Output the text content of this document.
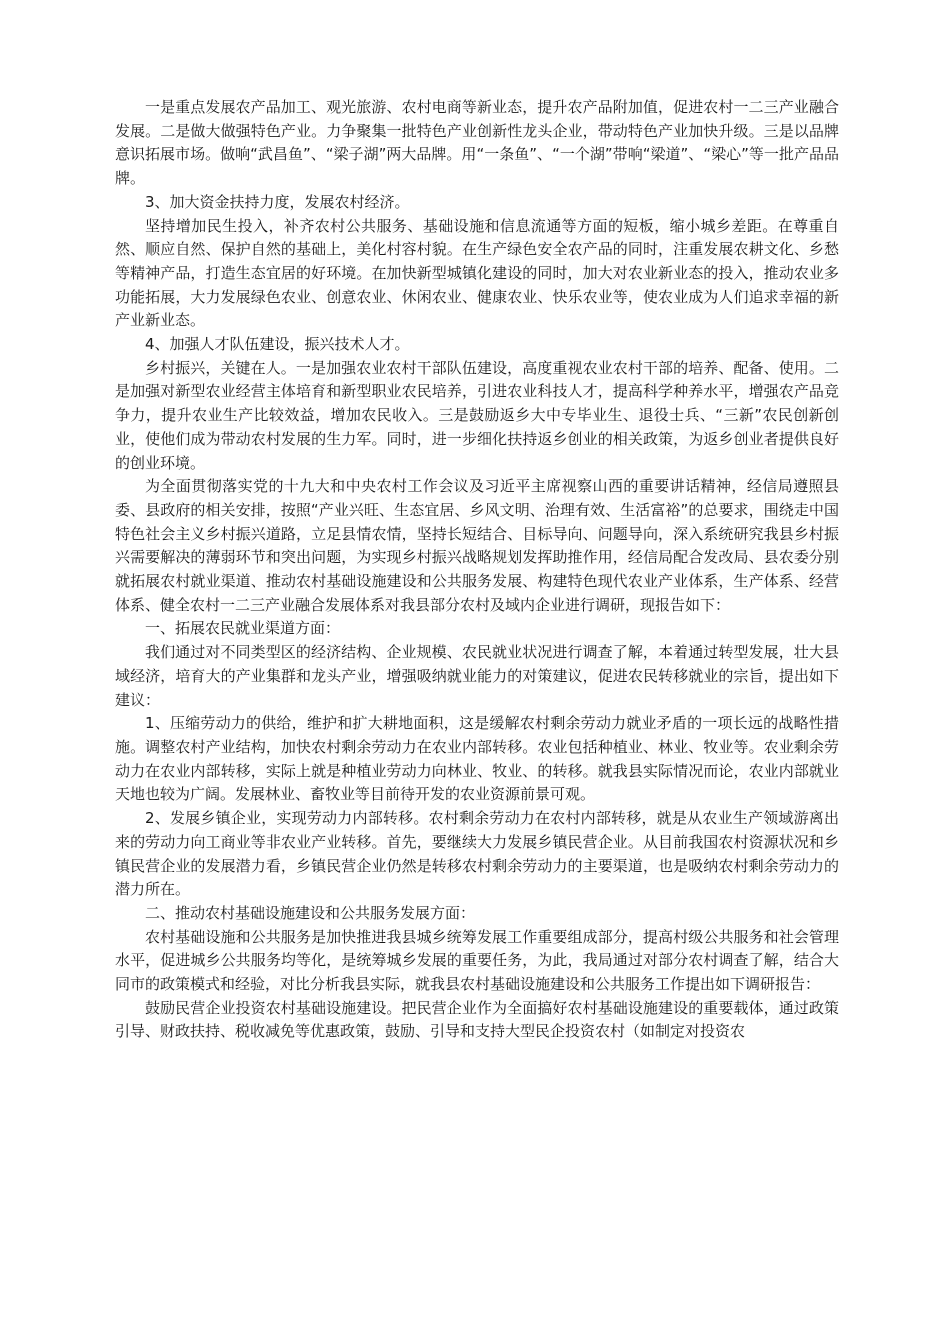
一是重点发展农产品加工、观光旅游、农村电商等新业态，提升农产品附加值，促进农村一二三产业融合发展。二是做大做强特色产业。力争聚集一批特色产业创新性龙头企业，带动特色产业加快升级。三是以品牌意识拓展市场。做响“武昌鱼”、“梁子湖”两大品牌。用“一条鱼”、“一个湖”带响“梁道”、“梁心”等一批产品品牌。

3、加大资金扶持力度，发展农村经济。

坚持增加民生投入，补齐农村公共服务、基础设施和信息流通等方面的短板，缩小城乡差距。在尊重自然、顺应自然、保护自然的基础上，美化村容村貌。在生产绿色安全农产品的同时，注重发展农耕文化、乡愁等精神产品，打造生态宜居的好环境。在加快新型城镇化建设的同时，加大对农业新业态的投入，推动农业多功能拓展，大力发展绿色农业、创意农业、休闲农业、健康农业、快乐农业等，使农业成为人们追求幸福的新产业新业态。

4、加强人才队伍建设，振兴技术人才。

乡村振兴，关键在人。一是加强农业农村干部队伍建设，高度重视农业农村干部的培养、配备、使用。二是加强对新型农业经营主体培育和新型职业农民培养，引进农业科技人才，提高科学种养水平，增强农产品竞争力，提升农业生产比较效益，增加农民收入。三是鼓励返乡大中专毕业生、退役士兵、“三新”农民创新创业，使他们成为带动农村发展的生力军。同时，进一步细化扶持返乡创业的相关政策，为返乡创业者提供良好的创业环境。

为全面贯彻落实党的十九大和中央农村工作会议及习近平主席视察山西的重要讲话精神，经信局遵照县委、县政府的相关安排，按照“产业兴旺、生态宜居、乡风文明、治理有效、生活富裕”的总要求，围绕走中国特色社会主义乡村振兴道路，立足县情农情，坚持长短结合、目标导向、问题导向，深入系统研究我县乡村振兴需要解决的薄弱环节和突出问题，为实现乡村振兴战略规划发挥助推作用，经信局配合发改局、县农委分别就拓展农村就业渠道、推动农村基础设施建设和公共服务发展、构建特色现代农业产业体系，生产体系、经营体系、健全农村一二三产业融合发展体系对我县部分农村及域内企业进行调研，现报告如下：

一、拓展农民就业渠道方面：

我们通过对不同类型区的经济结构、企业规模、农民就业状况进行调查了解，本着通过转型发展，壮大县域经济，培育大的产业集群和龙头产业，增强吸纳就业能力的对策建议，促进农民转移就业的宗旨，提出如下建议：

1、压缩劳动力的供给，维护和扩大耕地面积，这是缓解农村剩余劳动力就业矛盾的一项长远的战略性措施。调整农村产业结构，加快农村剩余劳动力在农业内部转移。农业包括种植业、林业、牧业等。农业剩余劳动力在农业内部转移，实际上就是种植业劳动力向林业、牧业、的转移。就我县实际情况而论，农业内部就业天地也较为广阔。发展林业、畜牧业等目前待开发的农业资源前景可观。

2、发展乡镇企业，实现劳动力内部转移。农村剩余劳动力在农村内部转移，就是从农业生产领域游离出来的劳动力向工商业等非农业产业转移。首先，要继续大力发展乡镇民营企业。从目前我国农村资源状况和乡镇民营企业的发展潜力看，乡镇民营企业仍然是转移农村剩余劳动力的主要渠道，也是吸纳农村剩余劳动力的潜力所在。

二、推动农村基础设施建设和公共服务发展方面：

农村基础设施和公共服务是加快推进我县城乡统筹发展工作重要组成部分，提高村级公共服务和社会管理水平，促进城乡公共服务均等化，是统筹城乡发展的重要任务，为此，我局通过对部分农村调查了解，结合大同市的政策模式和经验，对比分析我县实际，就我县农村基础设施建设和公共服务工作提出如下调研报告：

鼓励民营企业投资农村基础设施建设。把民营企业作为全面搞好农村基础设施建设的重要载体，通过政策引导、财政扶持、税收减免等优惠政策，鼓励、引导和支持大型民企投资农村（如制定对投资农
